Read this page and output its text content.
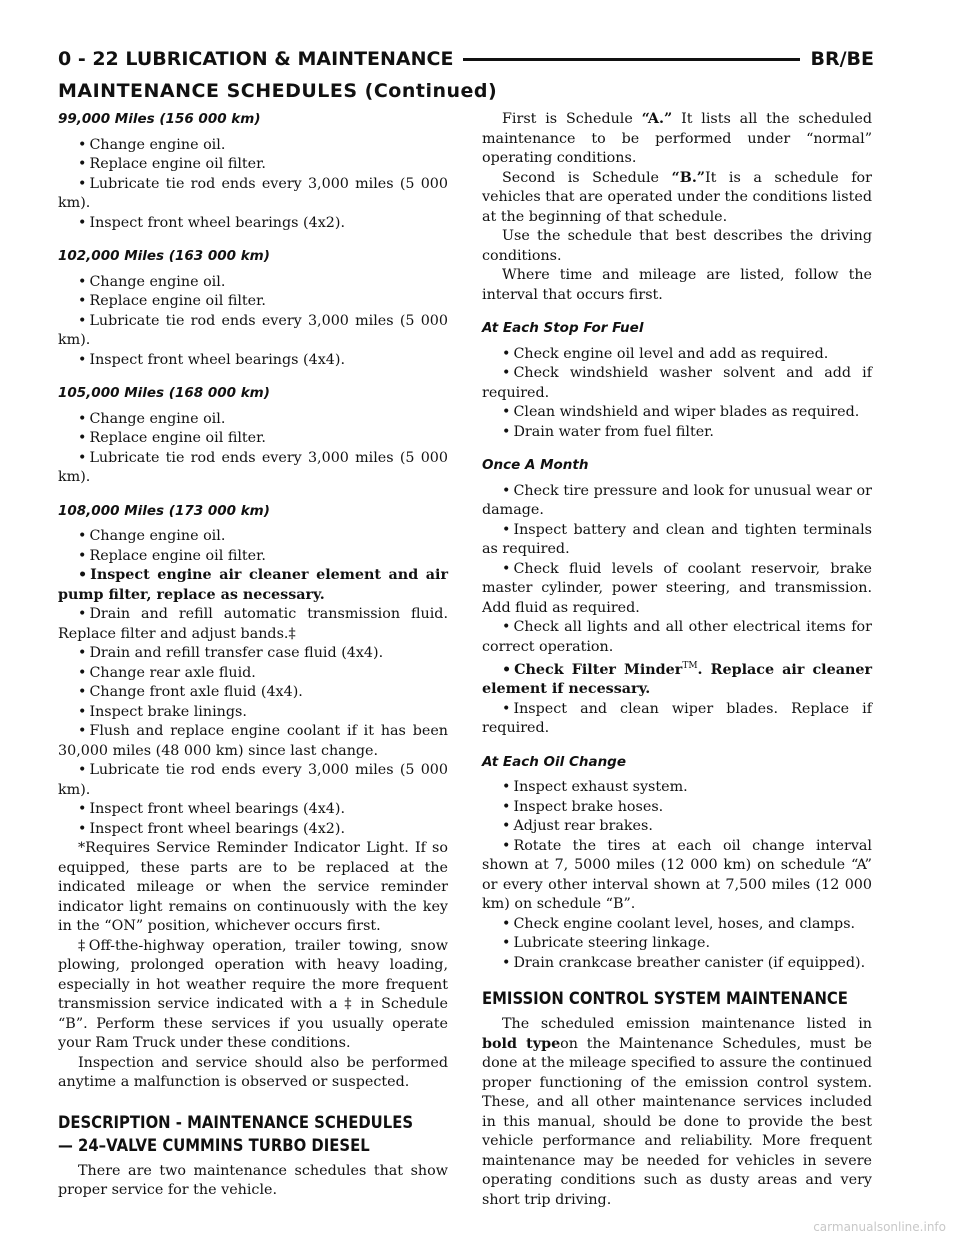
0 - 22 LUBRICATION & MAINTENANCE	BR/BE
MAINTENANCE SCHEDULES (Continued)
99,000 Miles (156 000 km)

• Change engine oil.

• Replace engine oil filter.

• Lubricate tie rod ends every 3,000 miles (5 000 km).

• Inspect front wheel bearings (4x2).

102,000 Miles (163 000 km)

• Change engine oil.

• Replace engine oil filter.

• Lubricate tie rod ends every 3,000 miles (5 000 km).

• Inspect front wheel bearings (4x4).

105,000 Miles (168 000 km)

• Change engine oil.

• Replace engine oil filter.

• Lubricate tie rod ends every 3,000 miles (5 000 km).

108,000 Miles (173 000 km)

• Change engine oil.

• Replace engine oil filter.

• Inspect engine air cleaner element and air pump filter, replace as necessary.

• Drain and refill automatic transmission fluid. Replace filter and adjust bands.‡

• Drain and refill transfer case fluid (4x4).

• Change rear axle fluid.

• Change front axle fluid (4x4).

• Inspect brake linings.

• Flush and replace engine coolant if it has been 30,000 miles (48 000 km) since last change.

• Lubricate tie rod ends every 3,000 miles (5 000 km).

• Inspect front wheel bearings (4x4).

• Inspect front wheel bearings (4x2).

*Requires Service Reminder Indicator Light. If so equipped, these parts are to be replaced at the indicated mileage or when the service reminder indicator light remains on continuously with the key in the “ON” position, whichever occurs first.

‡Off-the-highway operation, trailer towing, snow plowing, prolonged operation with heavy loading, especially in hot weather require the more frequent transmission service indicated with a ‡ in Schedule “B”. Perform these services if you usually operate your Ram Truck under these conditions.

Inspection and service should also be performed anytime a malfunction is observed or suspected.

DESCRIPTION - MAINTENANCE SCHEDULES
— 24–VALVE CUMMINS TURBO DIESEL

There are two maintenance schedules that show proper service for the vehicle.

First is Schedule “A.” It lists all the scheduled maintenance to be performed under “normal” operating conditions.

Second is Schedule “B.”It is a schedule for vehicles that are operated under the conditions listed at the beginning of that schedule.

Use the schedule that best describes the driving conditions.

Where time and mileage are listed, follow the interval that occurs first.

At Each Stop For Fuel

• Check engine oil level and add as required.

• Check windshield washer solvent and add if required.

• Clean windshield and wiper blades as required.

• Drain water from fuel filter.

Once A Month

• Check tire pressure and look for unusual wear or damage.

• Inspect battery and clean and tighten terminals as required.

• Check fluid levels of coolant reservoir, brake master cylinder, power steering, and transmission. Add fluid as required.

• Check all lights and all other electrical items for correct operation.

• Check Filter Minder™. Replace air cleaner element if necessary.

• Inspect and clean wiper blades. Replace if required.

At Each Oil Change

• Inspect exhaust system.

• Inspect brake hoses.

• Adjust rear brakes.

• Rotate the tires at each oil change interval shown at 7, 5000 miles (12 000 km) on schedule “A” or every other interval shown at 7,500 miles (12 000 km) on schedule “B”.

• Check engine coolant level, hoses, and clamps.

• Lubricate steering linkage.

• Drain crankcase breather canister (if equipped).

EMISSION CONTROL SYSTEM MAINTENANCE

The scheduled emission maintenance listed in bold typeon the Maintenance Schedules, must be done at the mileage specified to assure the continued proper functioning of the emission control system. These, and all other maintenance services included in this manual, should be done to provide the best vehicle performance and reliability. More frequent maintenance may be needed for vehicles in severe operating conditions such as dusty areas and very short trip driving.

carmanualsonline.info
